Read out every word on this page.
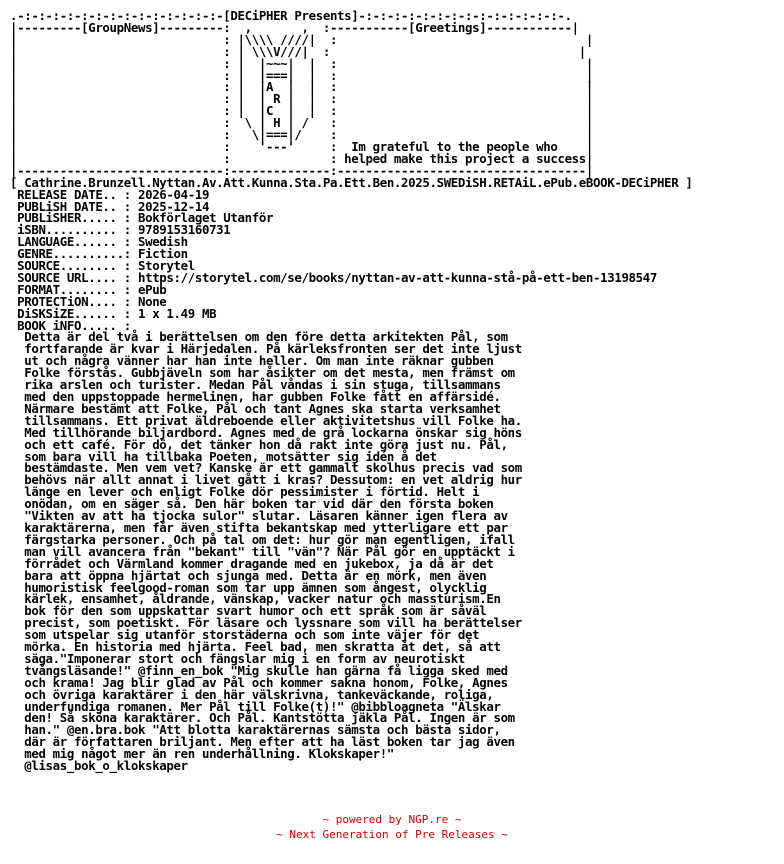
.-:-:-:-:-:-:-:-:-:-:-:-:-:-:-[DECiPHER Presents]-:-:-:-:-:-:-:-:-:-:-:-:-:-:-.
|---------[GroupNews]---------:  ,       ,  :-----------[Greetings]------------|
|                             : |\\\\ ////|  :                                   |
|                             : | \\\V///|  :                                   |
|                             : |  |~~~|  |  :                                   |
|                             : |  |===|  |  :                                   |
|                             : |  |A  |  |  :                                   |
|                             : |  | R |  |  :                                   |
|                             : |  |C  |  |  :                                   |
|                             :  \ | H | /   :                                   |
|                             :   \|===|/    :                                   |
|                             :    '---'     :  Im grateful to the people who    |
|                             :              : helped make this project a success|
|-----------------------------:--------------:-----------------------------------|
[ Cathrine.Brunzell.Nyttan.Av.Att.Kunna.Sta.Pa.Ett.Ben.2025.SWEDiSH.RETAiL.ePub.eBOOK-DECiPHER ]
RELEASE DATE.. : 2026-04-19
PUBLiSH DATE.. : 2025-12-14
PUBLiSHER..... : Bokförlaget Utanför
iSBN.......... : 9789153160731
LANGUAGE...... : Swedish
GENRE..........: Fiction
SOURCE........ : Storytel
SOURCE URL.... : https://storytel.com/se/books/nyttan-av-att-kunna-stå-på-ett-ben-13198547
FORMAT........ : ePub
PROTECTiON.... : None
DiSKSiZE...... : 1 x 1.49 MB
BOOK iNFO..... :
Detta är del två i berättelsen om den före detta arkitekten Pål, som
fortfarande är kvar i Härjedalen. På kärleksfronten ser det inte ljust
ut och några vänner har han inte heller. Om man inte räknar gubben
Folke förstås. Gubbjäveln som har åsikter om det mesta, men främst om
rika arslen och turister. Medan Pål våndas i sin stuga, tillsammans
med den uppstoppade hermelinen, har gubben Folke fått en affärsidé.
Närmare bestämt att Folke, Pål och tant Agnes ska starta verksamhet
tillsammans. Ett privat äldreboende eller aktivitetshus vill Folke ha.
Med tillhörande biljardbord. Agnes med de grå lockarna önskar sig höns
och ett café. För dö, det tänker hon då rakt inte göra just nu. Pål,
som bara vill ha tillbaka Poeten, motsätter sig idén å det
bestämdaste. Men vem vet? Kanske är ett gammalt skolhus precis vad som
behövs när allt annat i livet gått i kras? Dessutom: en vet aldrig hur
länge en lever och enligt Folke dör pessimister i förtid. Helt i
onödan, om en säger så. Den här boken tar vid där den första boken
"Vikten av att ha tjocka sulor" slutar. Läsaren känner igen flera av
karaktärerna, men får även stifta bekantskap med ytterligare ett par
färgstarka personer. Och på tal om det: hur gör man egentligen, ifall
man vill avancera från "bekant" till "vän"? När Pål gör en upptäckt i
förrådet och Värmland kommer dragande med en jukebox, ja då är det
bara att öppna hjärtat och sjunga med. Detta är en mörk, men även
humoristisk feelgood-roman som tar upp ämnen som ångest, olycklig
kärlek, ensamhet, åldrande, vänskap, vacker natur och massturism.En
bok för den som uppskattar svart humor och ett språk som är såväl
precist, som poetiskt. För läsare och lyssnare som vill ha berättelser
som utspelar sig utanför storstäderna och som inte väjer för det
mörka. En historia med hjärta. Feel bad, men skratta åt det, så att
säga."Imponerar stort och fängslar mig i en form av neurotiskt
tvångsläsande!" @finn_en_bok "Mig skulle han gärna få ligga sked med
och krama! Jag blir glad av Pål och kommer sakna honom, Folke, Agnes
och övriga karaktärer i den här välskrivna, tankeväckande, roliga,
underfundiga romanen. Mer Pål till Folke(t)!" @bibbloagneta "Älskar
den! Så sköna karaktärer. Och Pål. Kantstötta jäkla Pål. Ingen är som
han." @en.bra.bok "Att blotta karaktärernas sämsta och bästa sidor,
där är författaren briljant. Men efter att ha läst boken tar jag även
med mig något mer än ren underhållning. Klokskaper!"
@lisas_bok_o_klokskaper
~ powered by NGP.re ~
~ Next Generation of Pre Releases ~
